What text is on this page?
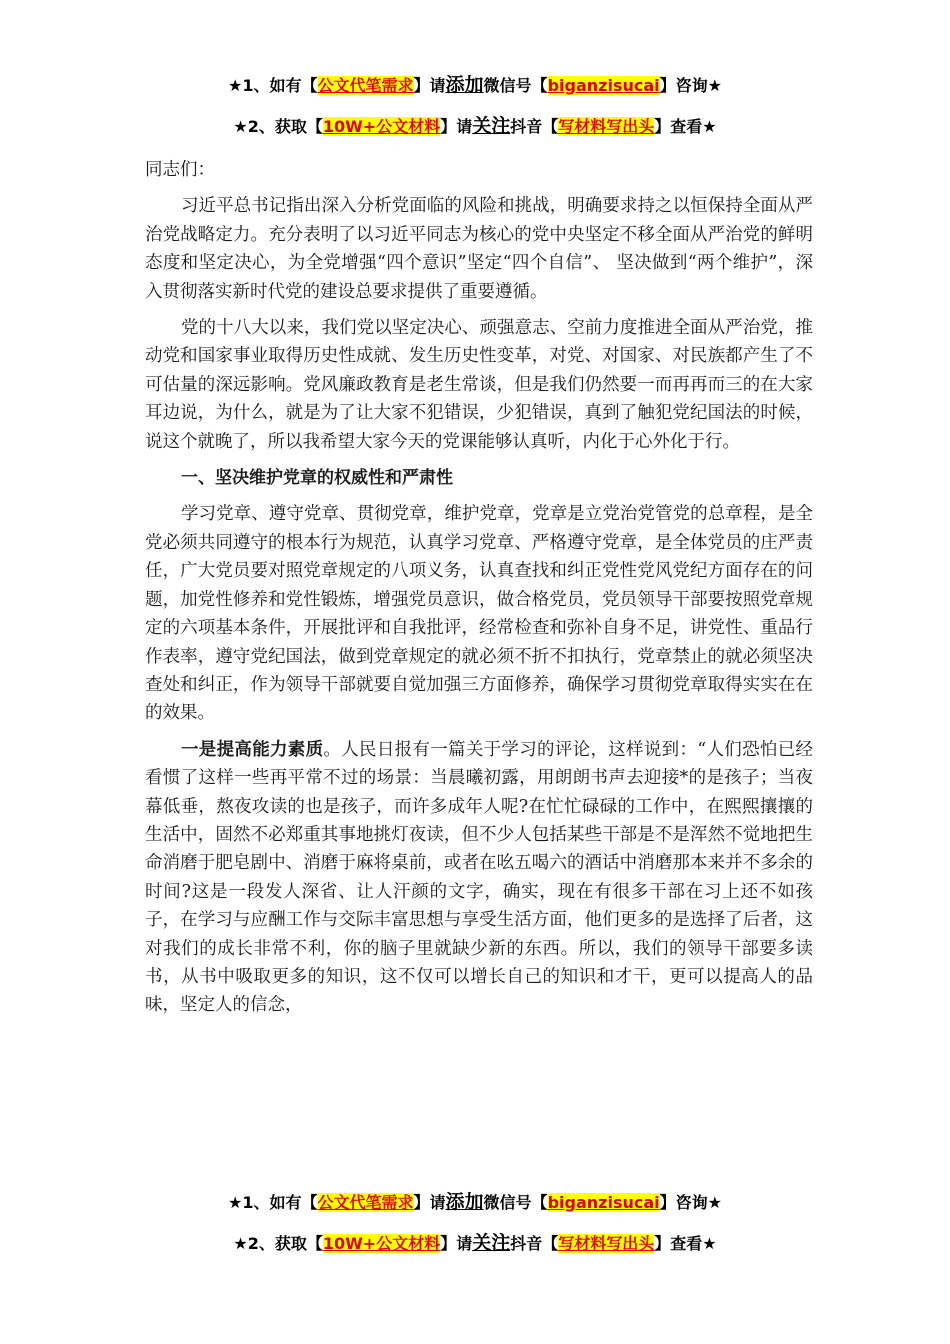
★1、如有【公文代笔需求】请添加微信号【biganzisucai】咨询★
★2、获取【10W+公文材料】请关注抖音【写材料写出头】查看★

同志们：

习近平总书记指出深入分析党面临的风险和挑战，明确要求持之以恒保持全面从严治党战略定力。充分表明了以习近平同志为核心的党中央坚定不移全面从严治党的鲜明态度和坚定决心，为全党增强“四个意识”坚定“四个自信”、 坚决做到“两个维护”，深入贯彻落实新时代党的建设总要求提供了重要遵循。

党的十八大以来，我们党以坚定决心、顽强意志、空前力度推进全面从严治党，推动党和国家事业取得历史性成就、发生历史性变革，对党、对国家、对民族都产生了不可估量的深远影响。党风廉政教育是老生常谈，但是我们仍然要一而再再而三的在大家耳边说，为什么，就是为了让大家不犯错误，少犯错误，真到了触犯党纪国法的时候，说这个就晚了，所以我希望大家今天的党课能够认真听，内化于心外化于行。

一、坚决维护党章的权威性和严肃性

学习党章、遵守党章、贯彻党章，维护党章，党章是立党治党管党的总章程，是全党必须共同遵守的根本行为规范，认真学习党章、严格遵守党章，是全体党员的庄严责任，广大党员要对照党章规定的八项义务，认真查找和纠正党性党风党纪方面存在的问题，加党性修养和党性锻炼，增强党员意识，做合格党员，党员领导干部要按照党章规定的六项基本条件，开展批评和自我批评，经常检查和弥补自身不足，讲党性、重品行作表率，遵守党纪国法，做到党章规定的就必须不折不扣执行，党章禁止的就必须坚决查处和纠正，作为领导干部就要自觉加强三方面修养，确保学习贯彻党章取得实实在在的效果。

一是提高能力素质。人民日报有一篇关于学习的评论，这样说到：“人们恐怕已经看惯了这样一些再平常不过的场景：当晨曦初露，用朗朗书声去迎接*的是孩子；当夜幕低垂，熬夜攻读的也是孩子，而许多成年人呢?在忙忙碌碌的工作中，在熙熙攘攘的生活中，固然不必郑重其事地挑灯夜读，但不少人包括某些干部是不是浑然不觉地把生命消磨于肥皂剧中、消磨于麻将桌前，或者在吆五喝六的酒话中消磨那本来并不多余的时间?这是一段发人深省、让人汗颜的文字，确实，现在有很多干部在习上还不如孩子，在学习与应酬工作与交际丰富思想与享受生活方面，他们更多的是选择了后者，这对我们的成长非常不利，你的脑子里就缺少新的东西。所以，我们的领导干部要多读书，从书中吸取更多的知识，这不仅可以增长自己的知识和才干，更可以提高人的品味，坚定人的信念，

★1、如有【公文代笔需求】请添加微信号【biganzisucai】咨询★
★2、获取【10W+公文材料】请关注抖音【写材料写出头】查看★
